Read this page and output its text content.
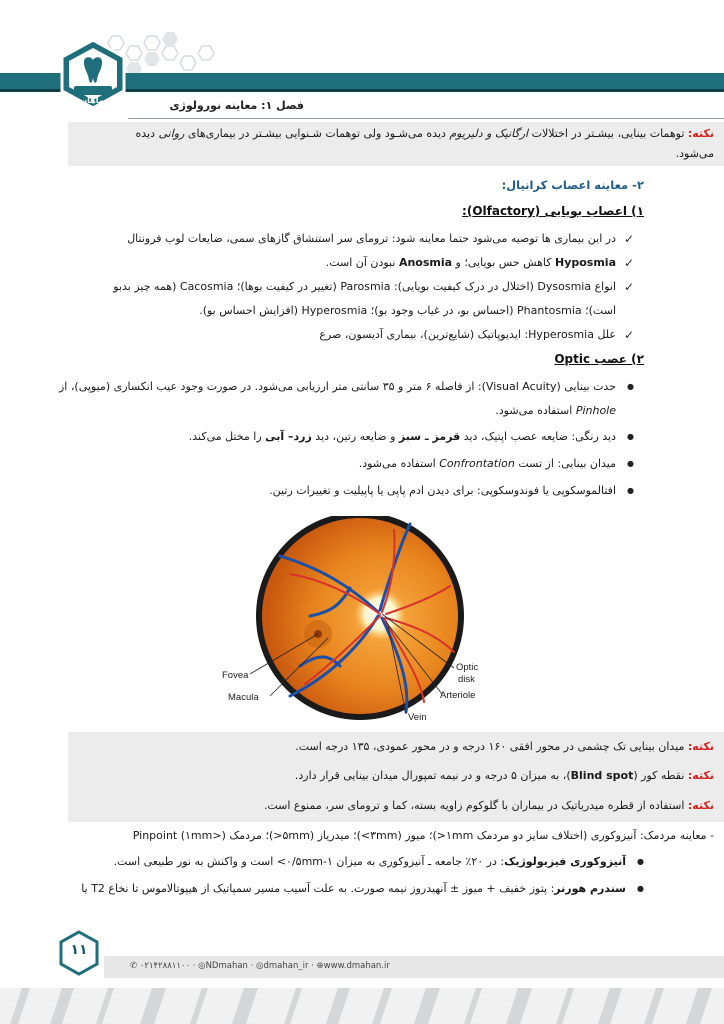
ماهان	فصل ۱: معاینه نورولوژی
نکته: توهمات بینایی، بیشـتر در اختلالات ارگانیک و دلیریوم دیده می‌شـود ولی توهمات شـنوایی بیشـتر در بیماری‌های روانی دیده
می‌شود.
۲- معاینه اعصاب کرانیال:
۱) اعصاب بویایی (Olfactory):
✓ در این بیماری ها توصیه می‌شود حتما معاینه شود: ترومای سر استنشاق گازهای سمی، ضایعات لوب فرونتال
✓ Hyposmia کاهش حس بویایی؛ و Anosmia نبودن آن است.
✓ انواع Dysosmia (اختلال در درک کیفیت بویایی): Parosmia (تغییر در کیفیت بوها)؛ Cacosmia (همه چیز بدبو
است)؛ Phantosmia (احساس بو، در غیاب وجود بو)؛ Hyperosmia (افزایش احساس بو).
✓ علل Hyperosmia: ایدیوپاتیک (شایع‌ترین)، بیماری آدیسون، صرع
۲) عصب Optic
● حدت بینایی (Visual Acuity): از فاصله ۶ متر و ۳۵ سانتی متر ارزیابی می‌شود. در صورت وجود عیب انکساری (میوپی)، از
Pinhole استفاده می‌شود.
● دید رنگی: ضایعه عصب اپتیک، دید قرمز ـ سبز و ضایعه رتین، دید زرد– آبی را مختل می‌کند.
● میدان بینایی: از تست Confrontation استفاده می‌شود.
● افتالموسکوپی یا فوندوسکوپی: برای دیدن ادم پاپی یا پاپیلیت و تغییرات رتین.
Fovea
Macula
Optic
disk
Arteriole
Vein
نکته: میدان بینایی تک چشمی در محور افقی ۱۶۰ درجه و در محور عمودی، ۱۳۵ درجه است.
نکته: نقطه کور (Blind spot)، به میزان ۵ درجه و در نیمه تمپورال میدان بینایی قرار دارد.
نکته: استفاده از قطره میدریاتیک در بیماران با گلوکوم زاویه بسته، کما و ترومای سر، ممنوع است.
- معاینه مردمک: آنیزوکوری (اختلاف سایز دو مردمک ۱mm<)؛ میوز (۳mm>)؛ میدریاز (۵mm<)؛ مردمک Pinpoint (۱mm>)
● آنیزوکوری فیزیولوژیک: در ۲۰٪ جامعه ـ آنیزوکوری به میزان ۱-۰/۵mm> است و واکنش به نور طبیعی است.
● سندرم هورنر: پتوز خفیف + میوز ± آنهیدروز نیمه صورت. به علت آسیب مسیر سمپاتیک از هیپوتالاموس تا نخاع T2 یا
۱۱
✆ ۰۲۱۴۲۸۸۱۱۰۰ · ◎NDmahan · ◎dmahan_ir · ⊕www.dmahan.ir
